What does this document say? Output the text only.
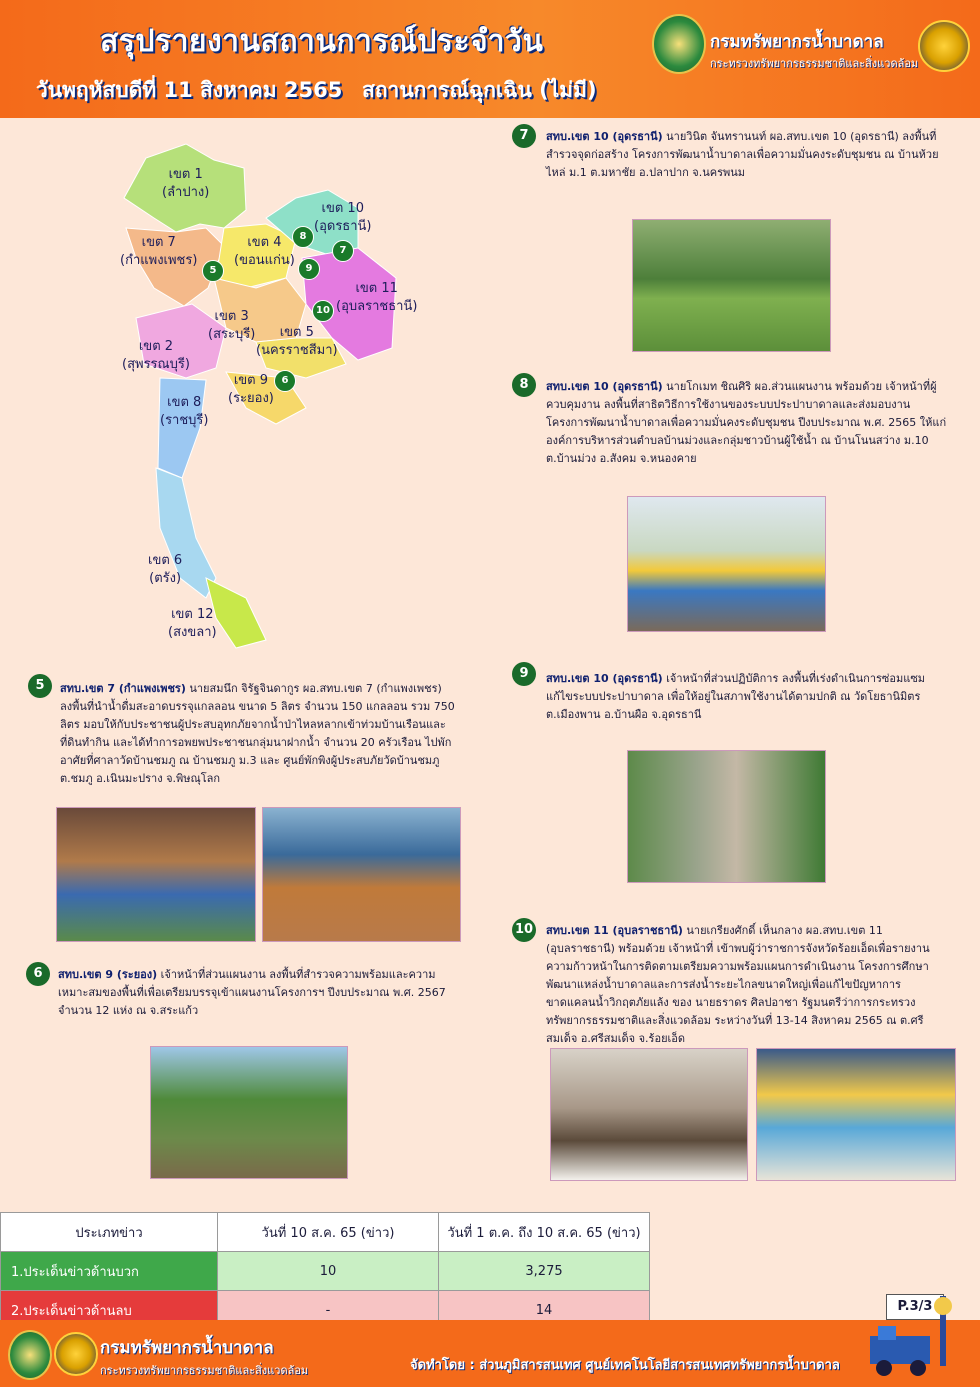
สรุปรายงานสถานการณ์ประจำวัน
วันพฤหัสบดีที่ 11 สิงหาคม 2565 สถานการณ์ฉุกเฉิน (ไม่มี)
กรมทรัพยากรน้ำบาดาล
กระทรวงทรัพยากรธรรมชาติและสิ่งแวดล้อม
เขต 1
(ลำปาง)
เขต 7
(กำแพงเพชร)
เขต 4
(ขอนแก่น)
เขต 10
(อุดรธานี)
เขต 11
(อุบลราชธานี)
เขต 3
(สระบุรี)	เขต 5
(นครราชสีมา)
เขต 2
(สุพรรณบุรี)
เขต 9
(ระยอง)
เขต 8
(ราชบุรี)
เขต 6
(ตรัง)
เขต 12
(สงขลา)
5
6
7
8
9
10
7	สทบ.เขต 10 (อุดรธานี) นายวินิต จันทรานนท์ ผอ.สทบ.เขต 10 (อุดรธานี) ลงพื้นที่สำรวจจุดก่อสร้าง โครงการพัฒนาน้ำบาดาลเพื่อความมั่นคงระดับชุมชน ณ บ้านห้วยไหล่ ม.1 ต.มหาชัย อ.ปลาปาก จ.นครพนม
8	สทบ.เขต 10 (อุดรธานี) นายโกเมท ชิณศิริ ผอ.ส่วนแผนงาน พร้อมด้วย เจ้าหน้าที่ผู้ควบคุมงาน ลงพื้นที่สาธิตวิธีการใช้งานของระบบประปาบาดาลและส่งมอบงาน โครงการพัฒนาน้ำบาดาลเพื่อความมั่นคงระดับชุมชน ปีงบประมาณ พ.ศ. 2565 ให้แก่ องค์การบริหารส่วนตำบลบ้านม่วงและกลุ่มชาวบ้านผู้ใช้น้ำ ณ บ้านโนนสว่าง ม.10 ต.บ้านม่วง อ.สังคม จ.หนองคาย
9	สทบ.เขต 10 (อุดรธานี) เจ้าหน้าที่ส่วนปฏิบัติการ ลงพื้นที่เร่งดำเนินการซ่อมแซม แก้ไขระบบประปาบาดาล เพื่อให้อยู่ในสภาพใช้งานได้ตามปกติ ณ วัดโยธานิมิตร ต.เมืองพาน อ.บ้านผือ จ.อุดรธานี
10 สทบ.เขต 11 (อุบลราชธานี) นายเกรียงศักดิ์ เห็นกลาง ผอ.สทบ.เขต 11 (อุบลราชธานี) พร้อมด้วย เจ้าหน้าที่ เข้าพบผู้ว่าราชการจังหวัดร้อยเอ็ดเพื่อรายงานความก้าวหน้าในการติดตามเตรียมความพร้อมแผนการดำเนินงาน โครงการศึกษาพัฒนาแหล่งน้ำบาดาลและการส่งน้ำระยะไกลขนาดใหญ่เพื่อแก้ไขปัญหาการขาดแคลนน้ำวิกฤตภัยแล้ง ของ นายธราดร ศิลปอาชา รัฐมนตรีว่าการกระทรวงทรัพยากรธรรมชาติและสิ่งแวดล้อม ระหว่างวันที่ 13-14 สิงหาคม 2565 ณ ต.ศรีสมเด็จ อ.ศรีสมเด็จ จ.ร้อยเอ็ด
5	สทบ.เขต 7 (กำแพงเพชร) นายสมนึก จิรัฐจินดากูร ผอ.สทบ.เขต 7 (กำแพงเพชร) ลงพื้นที่นำน้ำดื่มสะอาดบรรจุแกลลอน ขนาด 5 ลิตร จำนวน 150 แกลลอน รวม 750 ลิตร มอบให้กับประชาชนผู้ประสบอุทกภัยจากน้ำป่าไหลหลากเข้าท่วมบ้านเรือนและที่ดินทำกิน และได้ทำการอพยพประชาชนกลุ่มนาฝากน้ำ จำนวน 20 ครัวเรือน ไปพักอาศัยที่ศาลาวัดบ้านชมภู ณ บ้านชมภู ม.3 และ ศูนย์พักพิงผู้ประสบภัยวัดบ้านชมภู ต.ชมภู อ.เนินมะปราง จ.พิษณุโลก
6	สทบ.เขต 9 (ระยอง) เจ้าหน้าที่ส่วนแผนงาน ลงพื้นที่สำรวจความพร้อมและความเหมาะสมของพื้นที่เพื่อเตรียมบรรจุเข้าแผนงานโครงการฯ ปีงบประมาณ พ.ศ. 2567 จำนวน 12 แห่ง ณ จ.สระแก้ว
ประเภทข่าว	วันที่ 10 ส.ค. 65 (ข่าว)	วันที่ 1 ต.ค. ถึง 10 ส.ค. 65 (ข่าว)
1.ประเด็นข่าวด้านบวก	10	3,275
2.ประเด็นข่าวด้านลบ	-	14	P.3/3
กรมทรัพยากรน้ำบาดาล
กระทรวงทรัพยากรธรรมชาติและสิ่งแวดล้อม	จัดทำโดย : ส่วนภูมิสารสนเทศ ศูนย์เทคโนโลยีสารสนเทศทรัพยากรน้ำบาดาล
